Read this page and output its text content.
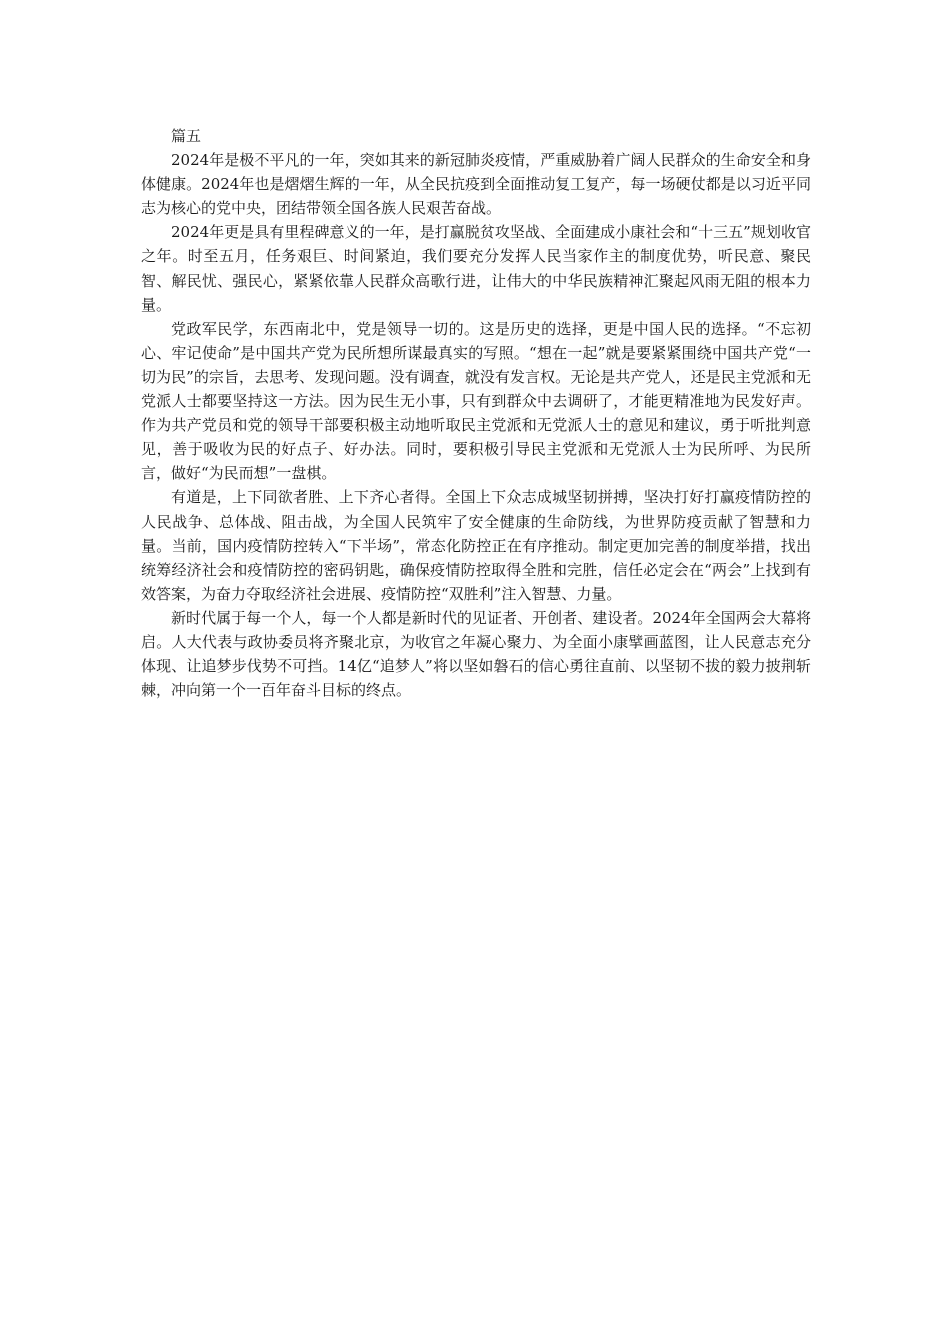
篇五

2024年是极不平凡的一年，突如其来的新冠肺炎疫情，严重威胁着广阔人民群众的生命安全和身体健康。2024年也是熠熠生辉的一年，从全民抗疫到全面推动复工复产，每一场硬仗都是以习近平同志为核心的党中央，团结带领全国各族人民艰苦奋战。

2024年更是具有里程碑意义的一年，是打赢脱贫攻坚战、全面建成小康社会和“十三五”规划收官之年。时至五月，任务艰巨、时间紧迫，我们要充分发挥人民当家作主的制度优势，听民意、聚民智、解民忧、强民心，紧紧依靠人民群众高歌行进，让伟大的中华民族精神汇聚起风雨无阻的根本力量。

党政军民学，东西南北中，党是领导一切的。这是历史的选择，更是中国人民的选择。“不忘初心、牢记使命”是中国共产党为民所想所谋最真实的写照。“想在一起”就是要紧紧围绕中国共产党“一切为民”的宗旨，去思考、发现问题。没有调查，就没有发言权。无论是共产党人，还是民主党派和无党派人士都要坚持这一方法。因为民生无小事，只有到群众中去调研了，才能更精准地为民发好声。作为共产党员和党的领导干部要积极主动地听取民主党派和无党派人士的意见和建议，勇于听批判意见，善于吸收为民的好点子、好办法。同时，要积极引导民主党派和无党派人士为民所呼、为民所言，做好“为民而想”一盘棋。

有道是，上下同欲者胜、上下齐心者得。全国上下众志成城坚韧拼搏，坚决打好打赢疫情防控的人民战争、总体战、阻击战，为全国人民筑牢了安全健康的生命防线，为世界防疫贡献了智慧和力量。当前，国内疫情防控转入“下半场”，常态化防控正在有序推动。制定更加完善的制度举措，找出统筹经济社会和疫情防控的密码钥匙，确保疫情防控取得全胜和完胜，信任必定会在“两会”上找到有效答案，为奋力夺取经济社会进展、疫情防控“双胜利”注入智慧、力量。

新时代属于每一个人，每一个人都是新时代的见证者、开创者、建设者。2024年全国两会大幕将启。人大代表与政协委员将齐聚北京，为收官之年凝心聚力、为全面小康擘画蓝图，让人民意志充分体现、让追梦步伐势不可挡。14亿“追梦人”将以坚如磐石的信心勇往直前、以坚韧不拔的毅力披荆斩棘，冲向第一个一百年奋斗目标的终点。
